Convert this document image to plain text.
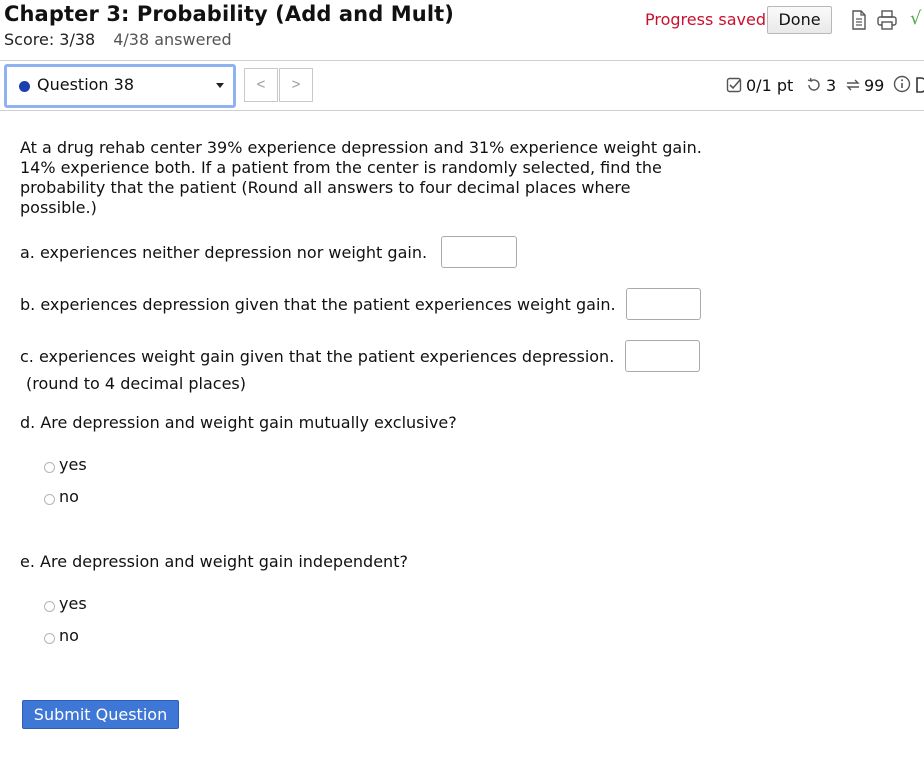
Chapter 3: Probability (Add and Mult)
Score: 3/38 4/38 answered
Progress saved Done	√
Question 38	<	>	0/1 pt 3 99

At a drug rehab center 39% experience depression and 31% experience weight gain. 14% experience both. If a patient from the center is randomly selected, find the probability that the patient (Round all answers to four decimal places where possible.)

a. experiences neither depression nor weight gain.
b. experiences depression given that the patient experiences weight gain.
c. experiences weight gain given that the patient experiences depression.
(round to 4 decimal places)
d. Are depression and weight gain mutually exclusive?
yes
no
e. Are depression and weight gain independent?
yes
no
Submit Question
